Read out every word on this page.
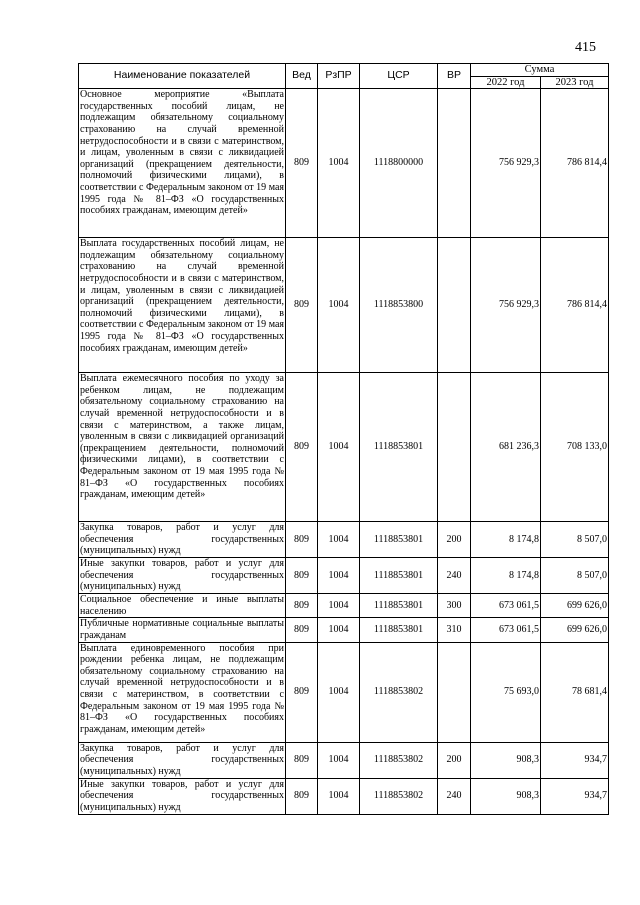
415
Наименование показателей	Вед	РзПР	ЦСР	ВР	Сумма	
					2022 год	2023 год
Основное мероприятие «Выплата государственных пособий лицам, не подлежащим обязательному социальному страхованию на случай временной нетрудоспособности и в связи с материнством, и лицам, уволенным в связи с ликвидацией организаций (прекращением деятельности, полномочий физическими лицами), в соответствии с Федеральным законом от 19 мая 1995 года № 81–ФЗ «О государственных пособиях гражданам, имеющим детей»	809	1004	1118800000		756 929,3	786 814,4
Выплата государственных пособий лицам, не подлежащим обязательному социальному страхованию на случай временной нетрудоспособности и в связи с материнством, и лицам, уволенным в связи с ликвидацией организаций (прекращением деятельности, полномочий физическими лицами), в соответствии с Федеральным законом от 19 мая 1995 года № 81–ФЗ «О государственных пособиях гражданам, имеющим детей»	809	1004	1118853800		756 929,3	786 814,4
Выплата ежемесячного пособия по уходу за ребенком лицам, не подлежащим обязательному социальному страхованию на случай временной нетрудоспособности и в связи с материнством, а также лицам, уволенным в связи с ликвидацией организаций (прекращением деятельности, полномочий физическими лицами), в соответствии с Федеральным законом от 19 мая 1995 года № 81–ФЗ «О государственных пособиях гражданам, имеющим детей»	809	1004	1118853801		681 236,3	708 133,0
Закупка товаров, работ и услуг для обеспечения государственных (муниципальных) нужд	809	1004	1118853801	200	8 174,8	8 507,0
Иные закупки товаров, работ и услуг для обеспечения государственных (муниципальных) нужд	809	1004	1118853801	240	8 174,8	8 507,0
Социальное обеспечение и иные выплаты населению	809	1004	1118853801	300	673 061,5	699 626,0
Публичные нормативные социальные выплаты гражданам	809	1004	1118853801	310	673 061,5	699 626,0
Выплата единовременного пособия при рождении ребенка лицам, не подлежащим обязательному социальному страхованию на случай временной нетрудоспособности и в связи с материнством, в соответствии с Федеральным законом от 19 мая 1995 года № 81–ФЗ «О государственных пособиях гражданам, имеющим детей»	809	1004	1118853802		75 693,0	78 681,4
Закупка товаров, работ и услуг для обеспечения государственных (муниципальных) нужд	809	1004	1118853802	200	908,3	934,7
Иные закупки товаров, работ и услуг для обеспечения государственных (муниципальных) нужд	809	1004	1118853802	240	908,3	934,7
